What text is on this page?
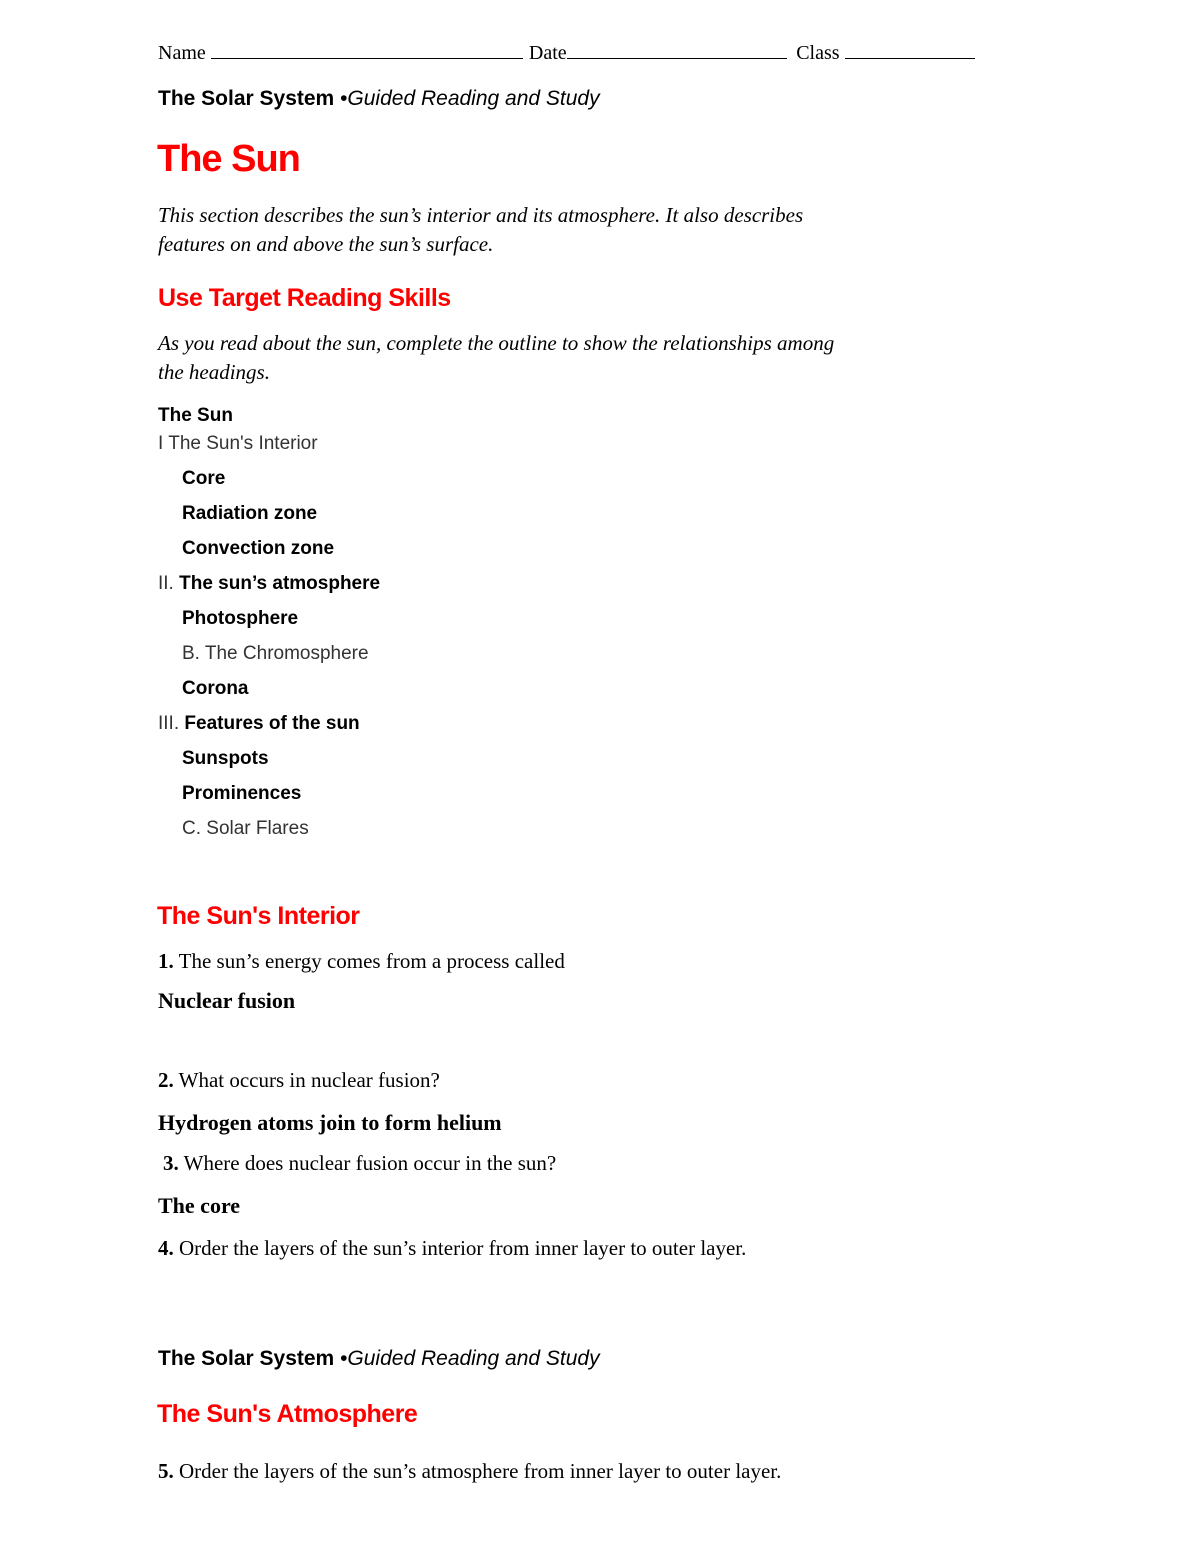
Name	Date	Class
The Solar System •Guided Reading and Study
The Sun
This section describes the sun’s interior and its atmosphere. It also describes
features on and above the sun’s surface.
Use Target Reading Skills
As you read about the sun, complete the outline to show the relationships among
the headings.
The Sun
I The Sun's Interior
Core
Radiation zone
Convection zone
II. The sun’s atmosphere
Photosphere
B. The Chromosphere
Corona
III. Features of the sun
Sunspots
Prominences
C. Solar Flares
The Sun's Interior
1. The sun’s energy comes from a process called
Nuclear fusion
2. What occurs in nuclear fusion?
Hydrogen atoms join to form helium
3. Where does nuclear fusion occur in the sun?
The core
4. Order the layers of the sun’s interior from inner layer to outer layer.
The Solar System •Guided Reading and Study
The Sun's Atmosphere
5. Order the layers of the sun’s atmosphere from inner layer to outer layer.
